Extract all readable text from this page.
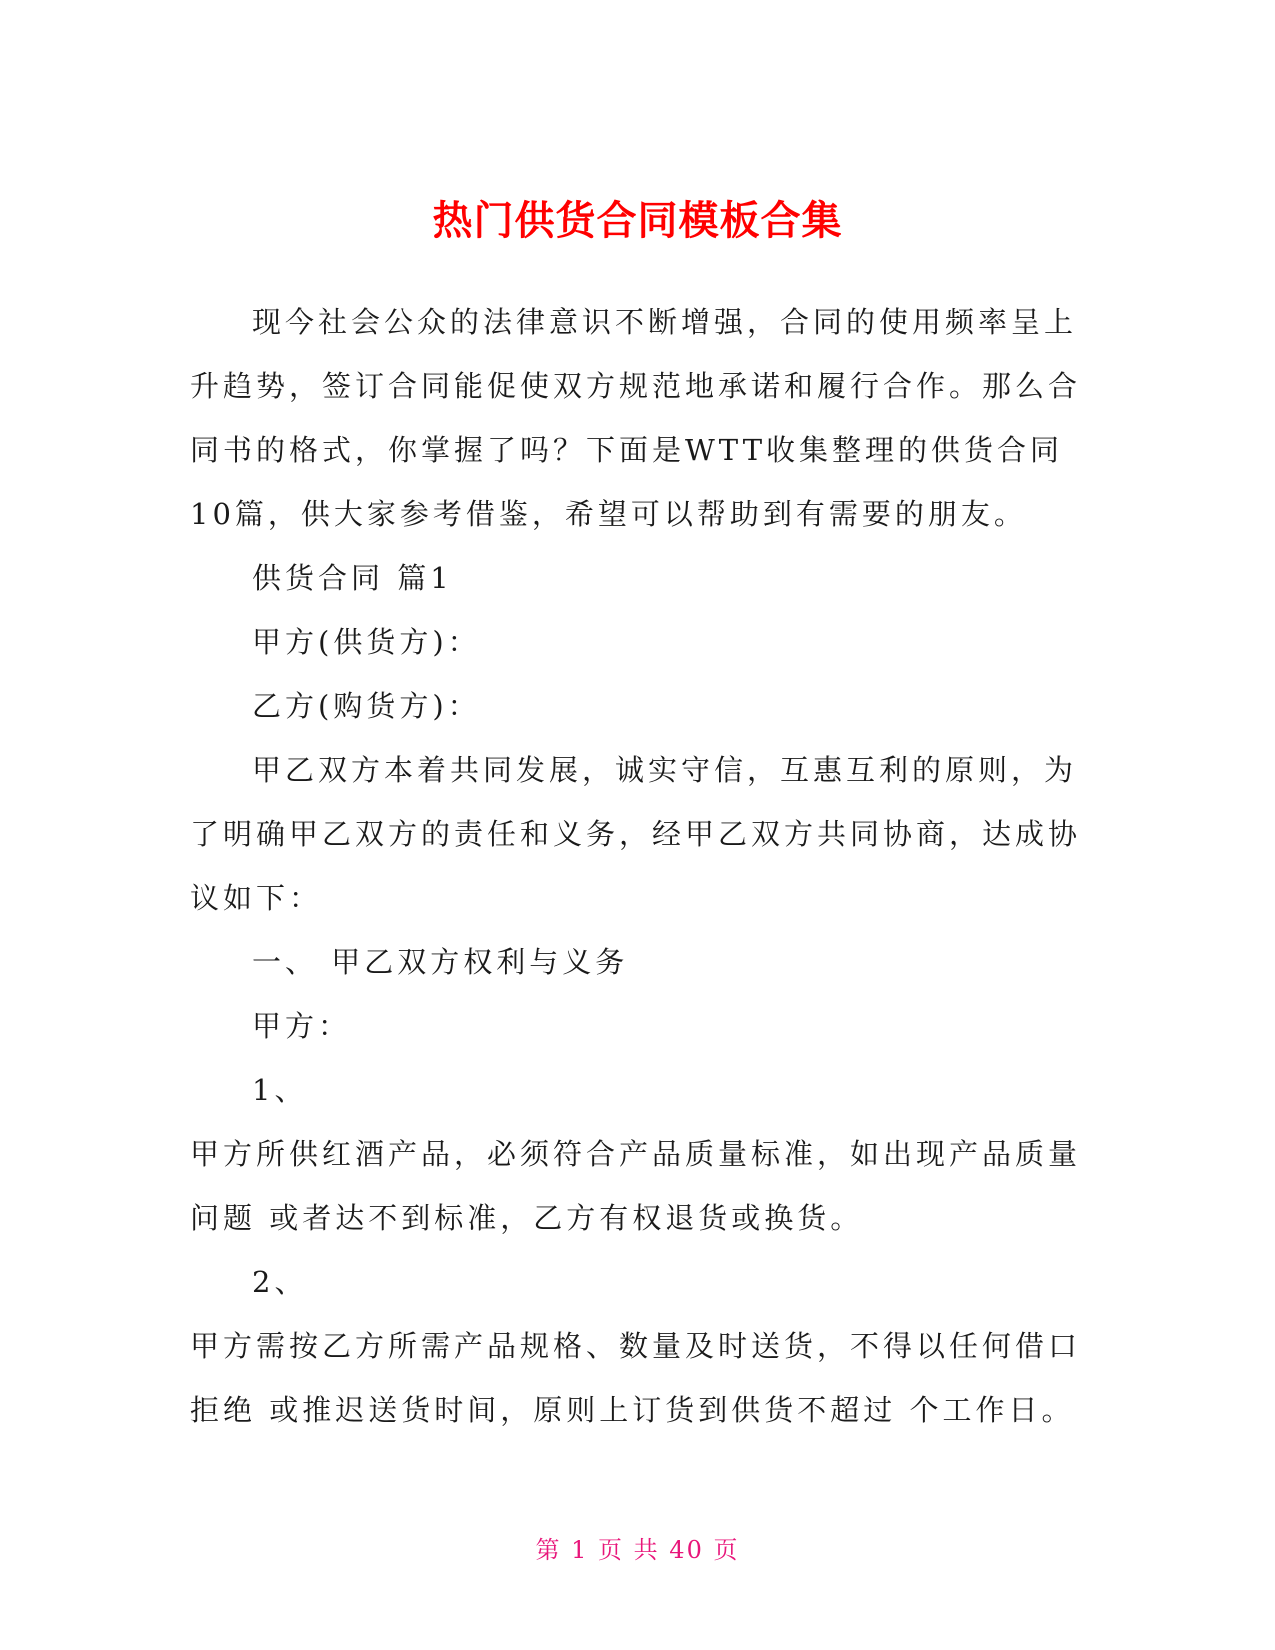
热门供货合同模板合集

现今社会公众的法律意识不断增强，合同的使用频率呈上升趋势，签订合同能促使双方规范地承诺和履行合作。那么合同书的格式，你掌握了吗？下面是WTT收集整理的供货合同10篇，供大家参考借鉴，希望可以帮助到有需要的朋友。

供货合同 篇1

甲方(供货方)：

乙方(购货方)：

甲乙双方本着共同发展，诚实守信，互惠互利的原则，为了明确甲乙双方的责任和义务，经甲乙双方共同协商，达成协议如下：

一、 甲乙双方权利与义务

甲方：

1、

甲方所供红酒产品，必须符合产品质量标准，如出现产品质量问题 或者达不到标准，乙方有权退货或换货。

2、

甲方需按乙方所需产品规格、数量及时送货，不得以任何借口拒绝 或推迟送货时间，原则上订货到供货不超过 个工作日。

第 1 页 共 40 页
